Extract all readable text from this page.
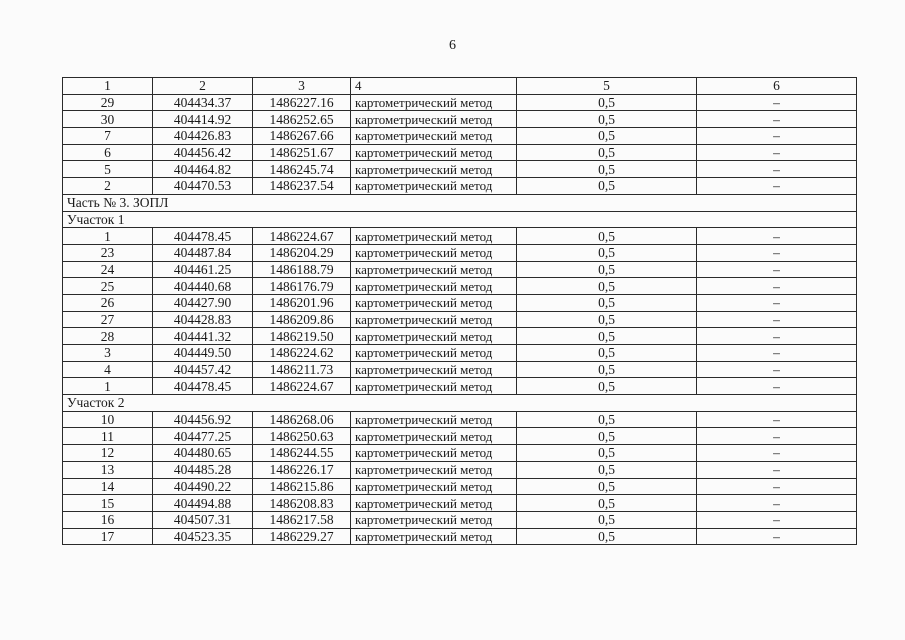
6
1	2	3	4	5	6
29	404434.37	1486227.16	картометрический метод	0,5	–
30	404414.92	1486252.65	картометрический метод	0,5	–
7	404426.83	1486267.66	картометрический метод	0,5	–
6	404456.42	1486251.67	картометрический метод	0,5	–
5	404464.82	1486245.74	картометрический метод	0,5	–
2	404470.53	1486237.54	картометрический метод	0,5	–
Часть № 3. ЗОПЛ					
Участок 1					
1	404478.45	1486224.67	картометрический метод	0,5	–
23	404487.84	1486204.29	картометрический метод	0,5	–
24	404461.25	1486188.79	картометрический метод	0,5	–
25	404440.68	1486176.79	картометрический метод	0,5	–
26	404427.90	1486201.96	картометрический метод	0,5	–
27	404428.83	1486209.86	картометрический метод	0,5	–
28	404441.32	1486219.50	картометрический метод	0,5	–
3	404449.50	1486224.62	картометрический метод	0,5	–
4	404457.42	1486211.73	картометрический метод	0,5	–
1	404478.45	1486224.67	картометрический метод	0,5	–
Участок 2					
10	404456.92	1486268.06	картометрический метод	0,5	–
11	404477.25	1486250.63	картометрический метод	0,5	–
12	404480.65	1486244.55	картометрический метод	0,5	–
13	404485.28	1486226.17	картометрический метод	0,5	–
14	404490.22	1486215.86	картометрический метод	0,5	–
15	404494.88	1486208.83	картометрический метод	0,5	–
16	404507.31	1486217.58	картометрический метод	0,5	–
17	404523.35	1486229.27	картометрический метод	0,5	–
